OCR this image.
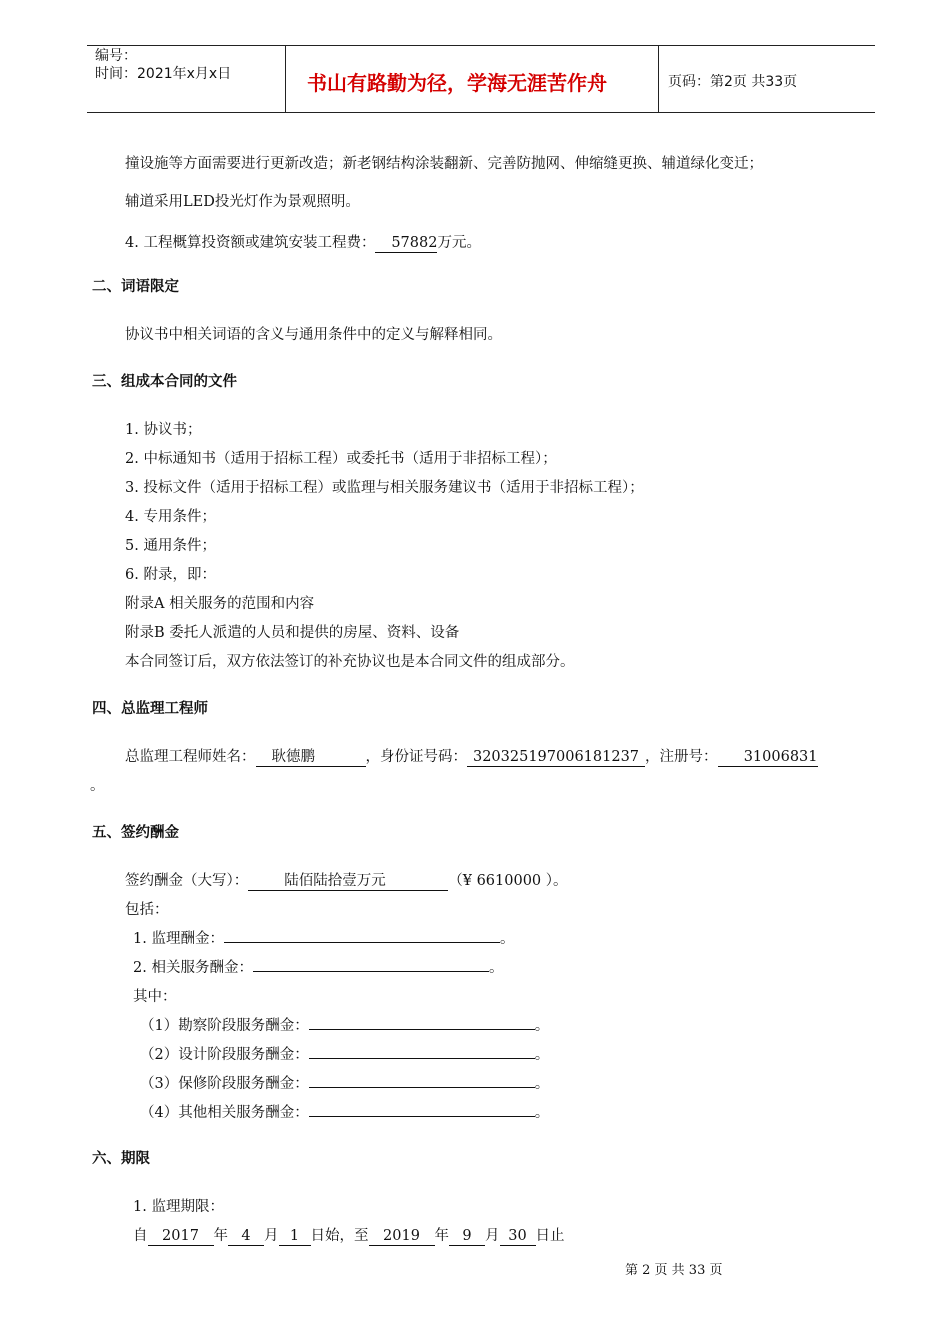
编号：
时间：2021年x月x日	书山有路勤为径，学海无涯苦作舟	页码：第2页 共33页
撞设施等方面需要进行更新改造；新老钢结构涂装翻新、完善防抛网、伸缩缝更换、辅道绿化变迁；
辅道采用LED投光灯作为景观照明。
4. 工程概算投资额或建筑安装工程费： 57882万元。
二、词语限定
协议书中相关词语的含义与通用条件中的定义与解释相同。
三、组成本合同的文件
1. 协议书；
2. 中标通知书（适用于招标工程）或委托书（适用于非招标工程）；
3. 投标文件（适用于招标工程）或监理与相关服务建议书（适用于非招标工程）；
4. 专用条件；
5. 通用条件；
6. 附录，即：
附录A 相关服务的范围和内容
附录B 委托人派遣的人员和提供的房屋、资料、设备
本合同签订后，双方依法签订的补充协议也是本合同文件的组成部分。
四、总监理工程师
总监理工程师姓名： 耿德鹏	，身份证号码： 320325197006181237 ，注册号： 31006831
。
五、签约酬金
签约酬金（大写）： 陆佰陆拾壹万元	（¥ 6610000 ）。
包括：
1. 监理酬金：	。
2. 相关服务酬金：	。
其中：
（1）勘察阶段服务酬金：	。
（2）设计阶段服务酬金：	。
（3）保修阶段服务酬金：	。
（4）其他相关服务酬金：	。
六、期限
1. 监理期限：
自 2017 年 4 月 1 日始，至 2019 年 9 月 30 日止
第 2 页 共 33 页
